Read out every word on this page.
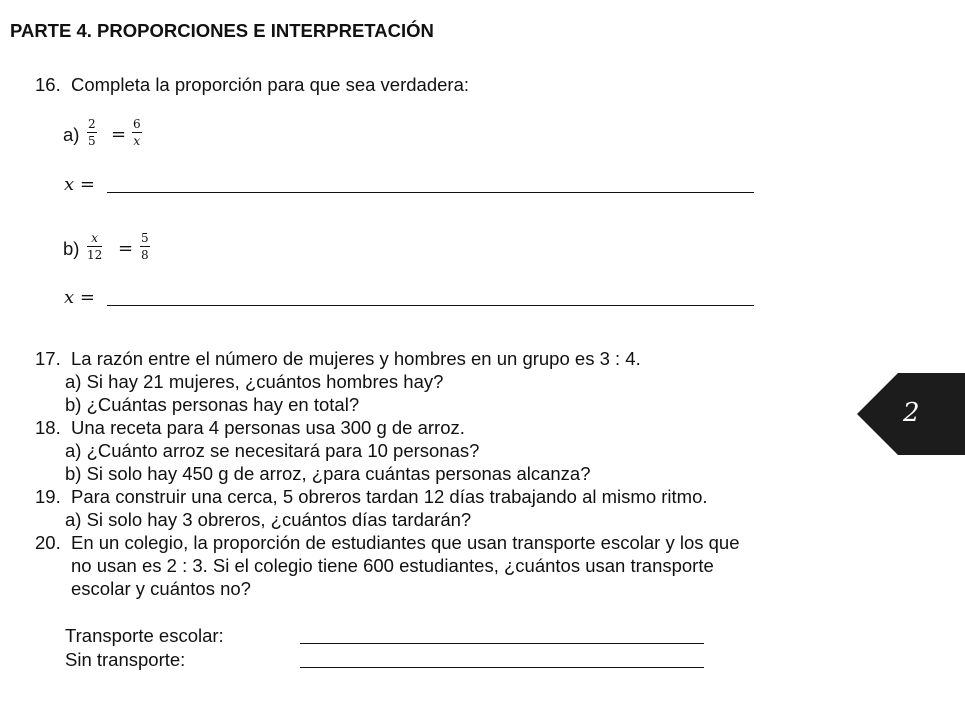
PARTE 4. PROPORCIONES E INTERPRETACIÓN
16. Completa la proporción para que sea verdadera:
$a) \frac{2}{5} = \frac{6}{x}$
x =
$b) \frac{x}{12} = \frac{5}{8}$
x =
17. La razón entre el número de mujeres y hombres en un grupo es 3 : 4.
a) Si hay 21 mujeres, ¿cuántos hombres hay?
b) ¿Cuántas personas hay en total?
18. Una receta para 4 personas usa 300 g de arroz.
a) ¿Cuánto arroz se necesitará para 10 personas?
b) Si solo hay 450 g de arroz, ¿para cuántas personas alcanza?
19. Para construir una cerca, 5 obreros tardan 12 días trabajando al mismo ritmo.
a) Si solo hay 3 obreros, ¿cuántos días tardarán?
20. En un colegio, la proporción de estudiantes que usan transporte escolar y los que
no usan es 2 : 3. Si el colegio tiene 600 estudiantes, ¿cuántos usan transporte
escolar y cuántos no?
Transporte escolar:
Sin transporte:
2
